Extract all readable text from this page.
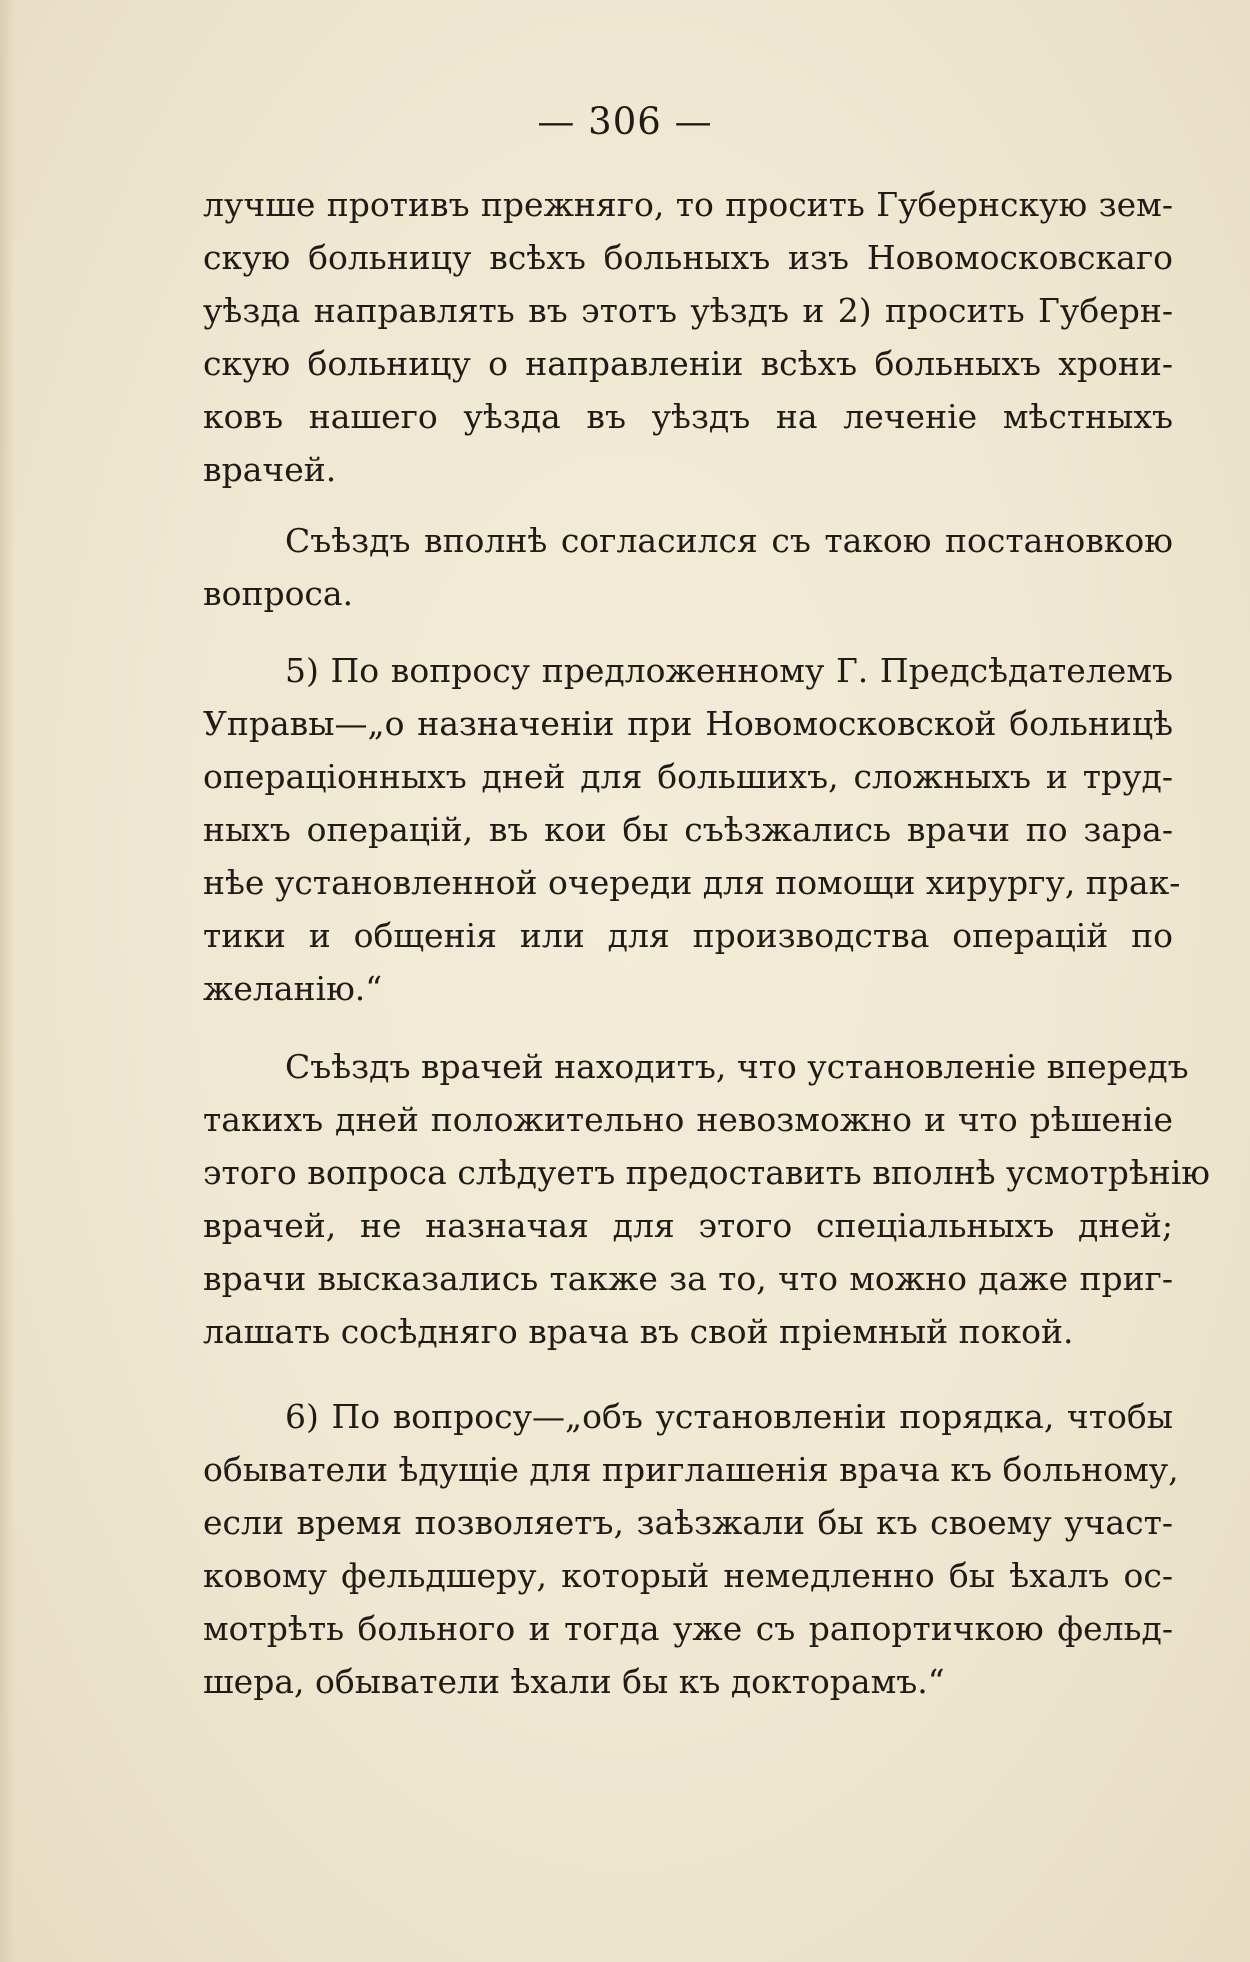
— 306 —
лучше противъ прежняго, то просить Губернскую зем-
скую больницу всѣхъ больныхъ изъ Новомосковскаго
уѣзда направлять въ этотъ уѣздъ и 2) просить Губерн-
скую больницу о направленіи всѣхъ больныхъ хрони-
ковъ нашего уѣзда въ уѣздъ на леченіе мѣстныхъ
врачей.
Съѣздъ вполнѣ согласился съ такою постановкою
вопроса.
5) По вопросу предложенному Г. Предсѣдателемъ
Управы—„о назначеніи при Новомосковской больницѣ
операціонныхъ дней для большихъ, сложныхъ и труд-
ныхъ операцій, въ кои бы съѣзжались врачи по зара-
нѣе установленной очереди для помощи хирургу, прак-
тики и общенія или для производства операцій по
желанію.“
Съѣздъ врачей находитъ, что установленіе впередъ
такихъ дней положительно невозможно и что рѣшеніе
этого вопроса слѣдуетъ предоставить вполнѣ усмотрѣнію
врачей, не назначая для этого спеціальныхъ дней;
врачи высказались также за то, что можно даже приг-
лашать сосѣдняго врача въ свой пріемный покой.
6) По вопросу—„объ установленіи порядка, чтобы
обыватели ѣдущіе для приглашенія врача къ больному,
если время позволяетъ, заѣзжали бы къ своему участ-
ковому фельдшеру, который немедленно бы ѣхалъ ос-
мотрѣть больного и тогда уже съ рапортичкою фельд-
шера, обыватели ѣхали бы къ докторамъ.“
